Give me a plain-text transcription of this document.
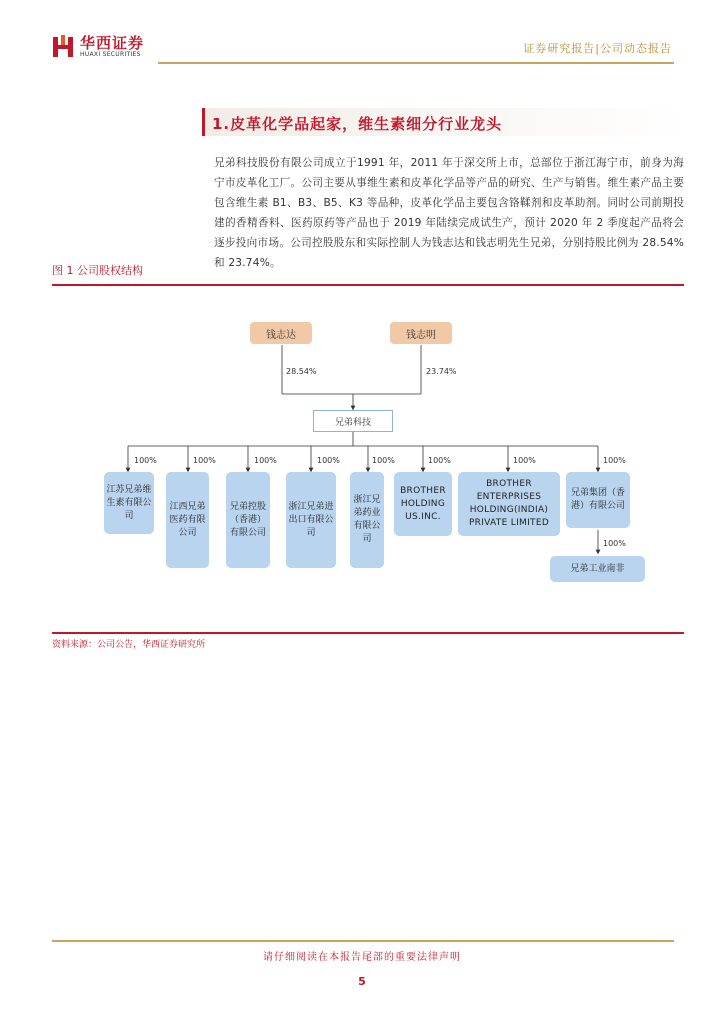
华西证券
HUAXI SECURITIES	证券研究报告|公司动态报告
1.皮革化学品起家，维生素细分行业龙头
兄弟科技股份有限公司成立于1991 年，2011 年于深交所上市，总部位于浙江海宁市，前身为海宁市皮革化工厂。公司主要从事维生素和皮革化学品等产品的研究、生产与销售。维生素产品主要包含维生素 B1、B3、B5、K3 等品种，皮革化学品主要包含铬鞣剂和皮革助剂。同时公司前期投建的香精香料、医药原药等产品也于 2019 年陆续完成试生产，预计 2020 年 2 季度起产品将会逐步投向市场。公司控股股东和实际控制人为钱志达和钱志明先生兄弟，分别持股比例为 28.54%和 23.74%。
图 1 公司股权结构
钱志达	钱志明
28.54%	23.74%
兄弟科技
100%	100%	100%	100%	100%	100%	100%	100%
江苏兄弟维生素有限公司
江西兄弟医药有限公司
兄弟控股（香港）有限公司
浙江兄弟进出口有限公司
浙江兄弟药业有限公司
BROTHER HOLDING US.INC.
BROTHER ENTERPRISES HOLDING(INDIA) PRIVATE LIMITED
兄弟集团（香港）有限公司
100%
兄弟工业南非
资料来源：公司公告，华西证券研究所
请仔细阅读在本报告尾部的重要法律声明
5
